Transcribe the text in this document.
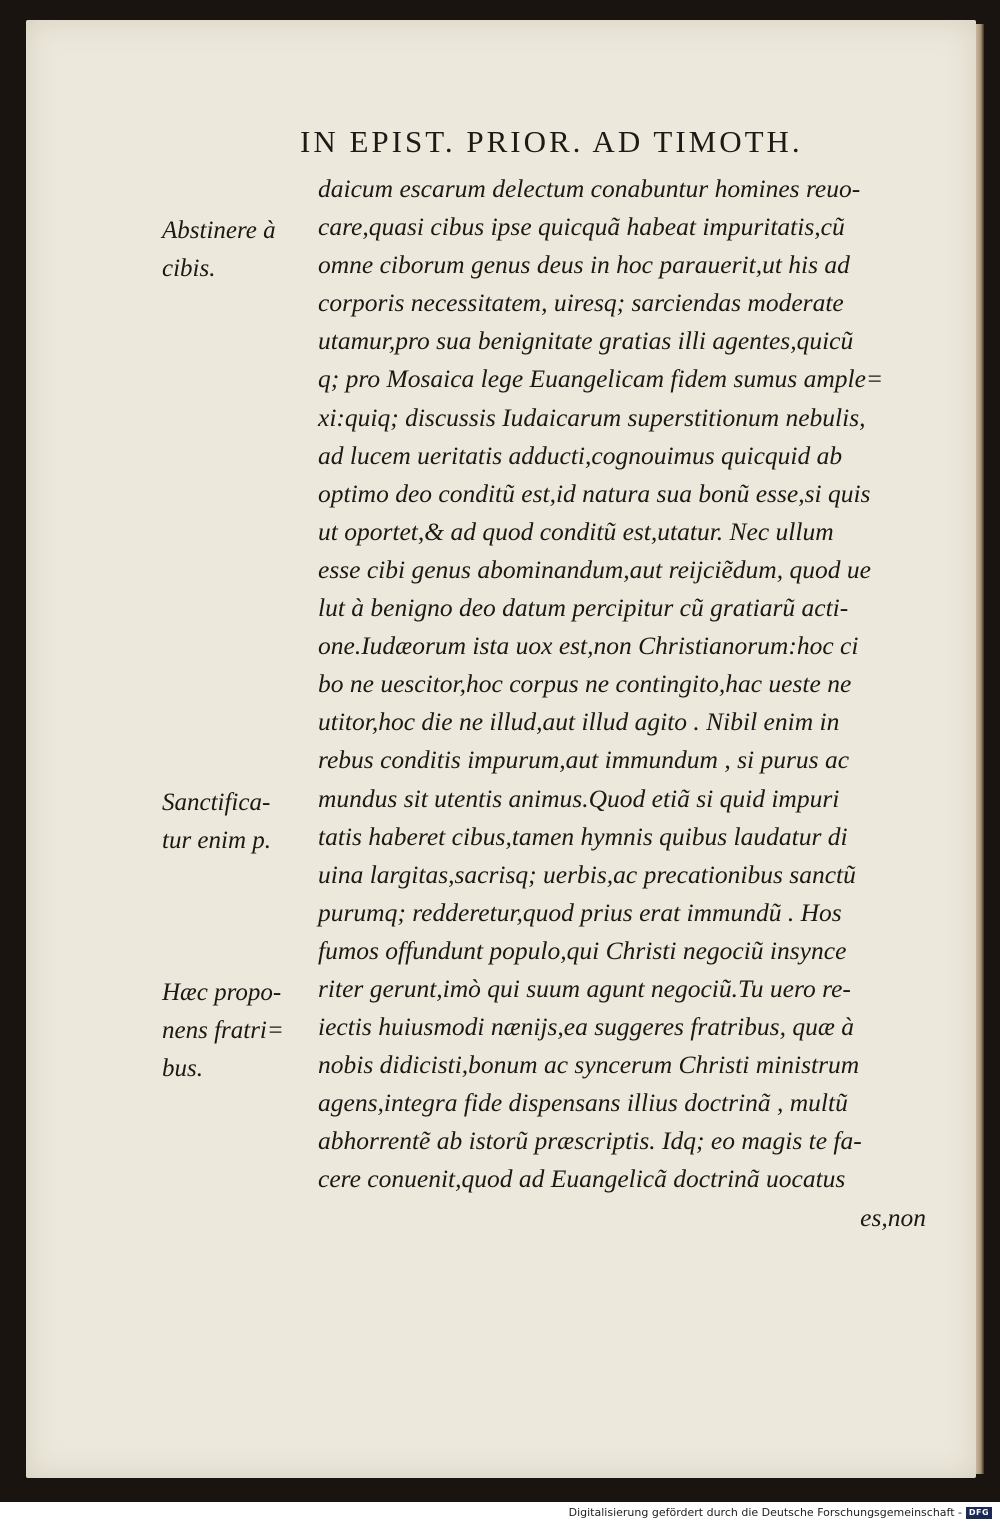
IN EPIST. PRIOR. AD TIMOTH.
daicum escarum delectum conabuntur homines reuo-
care,quasi cibus ipse quicquã habeat impuritatis,cũ
omne ciborum genus deus in hoc parauerit,ut his ad
corporis necessitatem, uiresq; sarciendas moderate
utamur,pro sua benignitate gratias illi agentes,quicũ
q; pro Mosaica lege Euangelicam fidem sumus ample=
xi:quiq; discussis Iudaicarum superstitionum nebulis,
ad lucem ueritatis adducti,cognouimus quicquid ab
optimo deo conditũ est,id natura sua bonũ esse,si quis
ut oportet,& ad quod conditũ est,utatur. Nec ullum
esse cibi genus abominandum,aut reijciẽdum, quod ue
lut à benigno deo datum percipitur cũ gratiarũ acti-
one.Iudæorum ista uox est,non Christianorum:hoc ci
bo ne uescitor,hoc corpus ne contingito,hac ueste ne
utitor,hoc die ne illud,aut illud agito . Nibil enim in
rebus conditis impurum,aut immundum , si purus ac
mundus sit utentis animus.Quod etiã si quid impuri
tatis haberet cibus,tamen hymnis quibus laudatur di
uina largitas,sacrisq; uerbis,ac precationibus sanctũ
purumq; redderetur,quod prius erat immundũ . Hos
fumos offundunt populo,qui Christi negociũ insynce
riter gerunt,imò qui suum agunt negociũ.Tu uero re-
iectis huiusmodi nænijs,ea suggeres fratribus, quæ à
nobis didicisti,bonum ac syncerum Christi ministrum
agens,integra fide dispensans illius doctrinã , multũ
abhorrentẽ ab istorũ præscriptis. Idq; eo magis te fa-
cere conuenit,quod ad Euangelicã doctrinã uocatus
es,non
Abstinere à
cibis.
Sanctifica-
tur enim p.
Hæc propo-
nens fratri=
bus.
Digitalisierung gefördert durch die Deutsche Forschungsgemeinschaft - DFG
